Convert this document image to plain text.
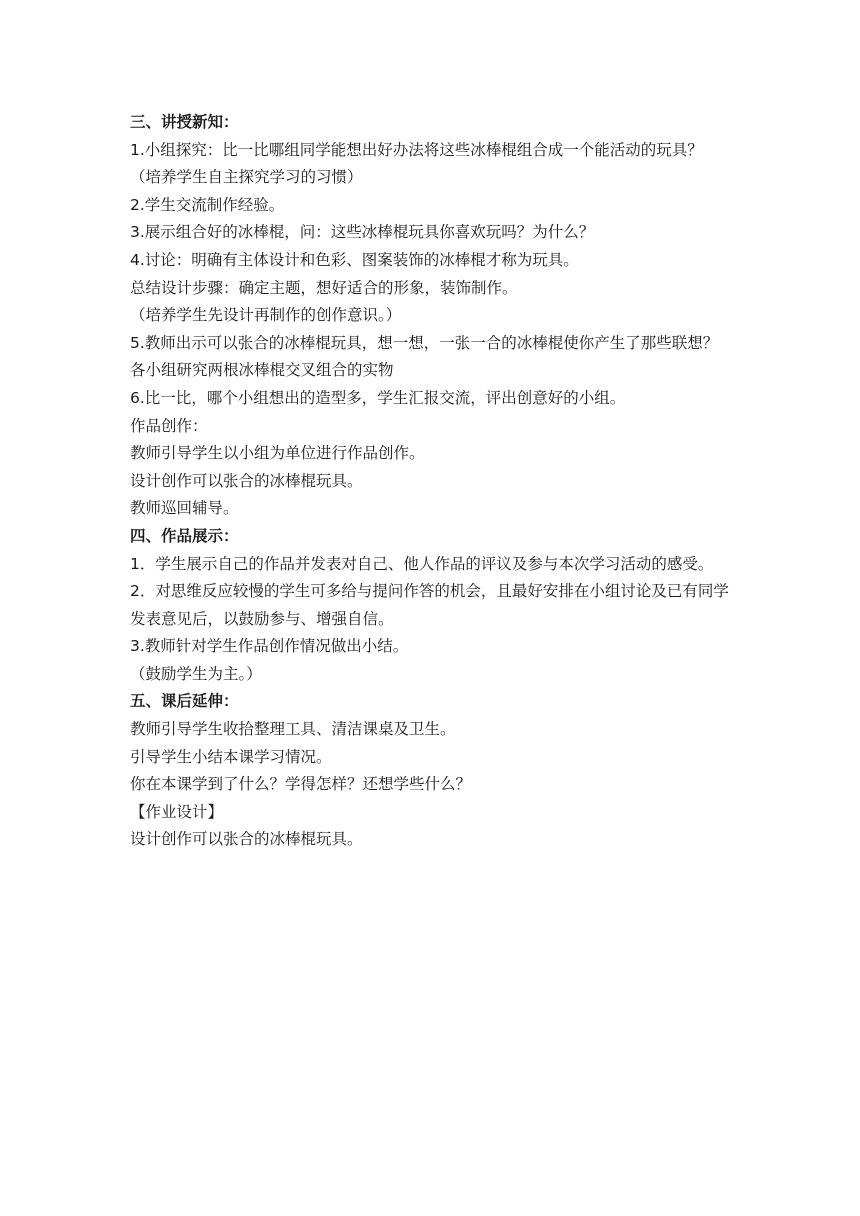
三、讲授新知：
1.小组探究：比一比哪组同学能想出好办法将这些冰棒棍组合成一个能活动的玩具？
（培养学生自主探究学习的习惯）
2.学生交流制作经验。
3.展示组合好的冰棒棍，问：这些冰棒棍玩具你喜欢玩吗？为什么？
4.讨论：明确有主体设计和色彩、图案装饰的冰棒棍才称为玩具。
总结设计步骤：确定主题，想好适合的形象，装饰制作。
（培养学生先设计再制作的创作意识。）
5.教师出示可以张合的冰棒棍玩具，想一想，一张一合的冰棒棍使你产生了那些联想？
各小组研究两根冰棒棍交叉组合的实物
6.比一比，哪个小组想出的造型多，学生汇报交流，评出创意好的小组。
作品创作：
教师引导学生以小组为单位进行作品创作。
设计创作可以张合的冰棒棍玩具。
教师巡回辅导。
四、作品展示：
1．学生展示自己的作品并发表对自己、他人作品的评议及参与本次学习活动的感受。
2．对思维反应较慢的学生可多给与提问作答的机会，且最好安排在小组讨论及已有同学发表意见后，以鼓励参与、增强自信。
3.教师针对学生作品创作情况做出小结。
（鼓励学生为主。）
五、课后延伸：
教师引导学生收拾整理工具、清洁课桌及卫生。
引导学生小结本课学习情况。
你在本课学到了什么？学得怎样？还想学些什么？
【作业设计】
设计创作可以张合的冰棒棍玩具。
